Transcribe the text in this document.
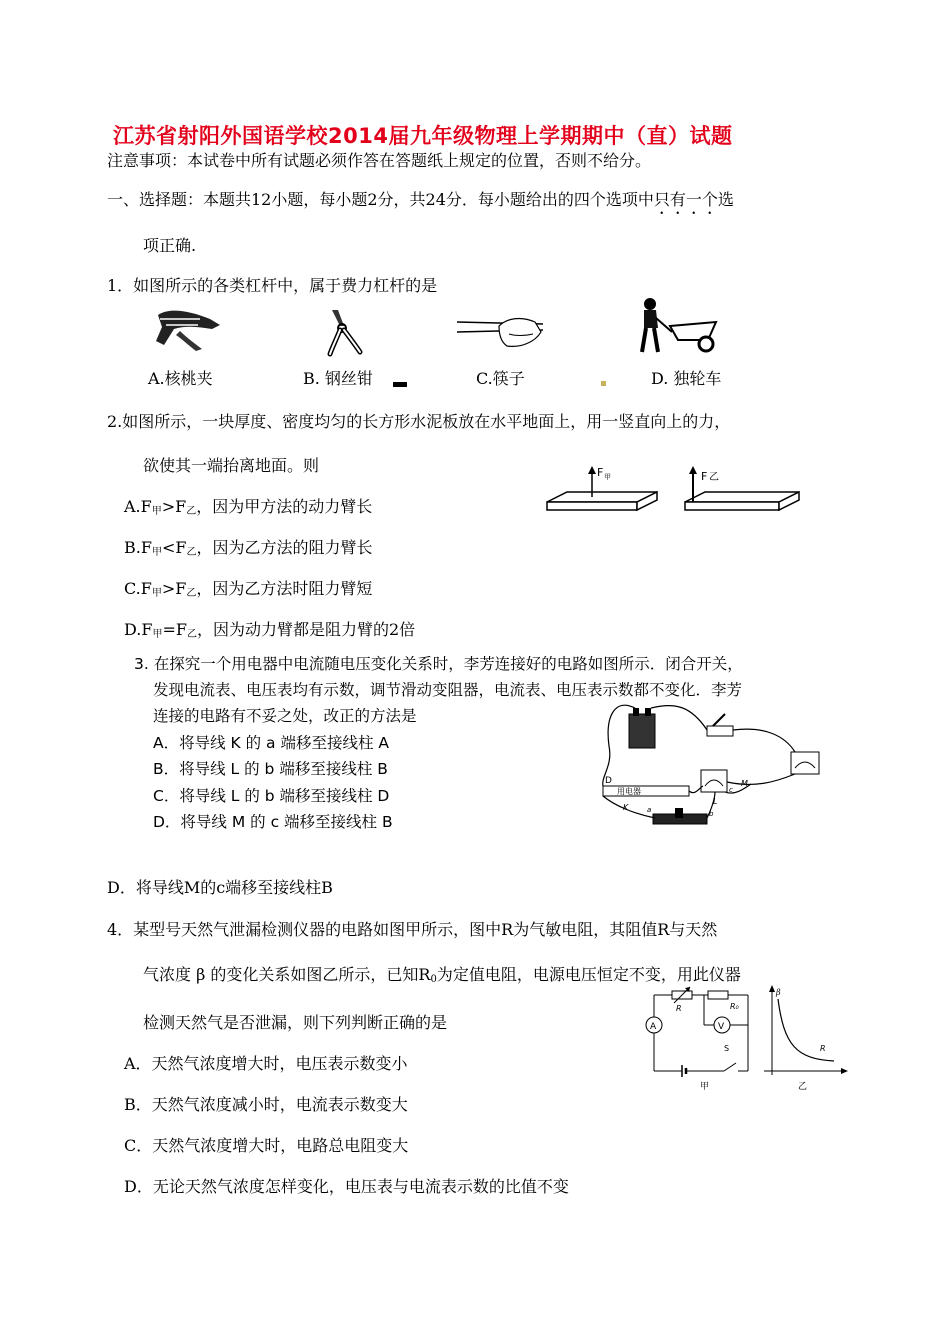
江苏省射阳外国语学校2014届九年级物理上学期期中（直）试题
注意事项：本试卷中所有试题必须作答在答题纸上规定的位置，否则不给分。
一、选择题：本题共12小题，每小题2分，共24分．每小题给出的四个选项中只有一个选
项正确.
1．如图所示的各类杠杆中，属于费力杠杆的是
A.核桃夹	B. 钢丝钳	C.筷子	D. 独轮车
2.如图所示，一块厚度、密度均匀的长方形水泥板放在水平地面上，用一竖直向上的力，
欲使其一端抬离地面。则
$A.F_甲>F_乙$，因为甲方法的动力臂长
$B.F_甲<F_乙$，因为乙方法的阻力臂长
$C.F_甲>F_乙$，因为乙方法时阻力臂短
$D.F_甲=F_乙$，因为动力臂都是阻力臂的2倍
F 甲	F 乙
3. 在探究一个用电器中电流随电压变化关系时，李芳连接好的电路如图所示．闭合开关，
发现电流表、电压表均有示数，调节滑动变阻器，电流表、电压表示数都不变化．李芳
连接的电路有不妥之处，改正的方法是
A．将导线 K 的 a 端移至接线柱 A
B．将导线 L 的 b 端移至接线柱 B
C．将导线 L 的 b 端移至接线柱 D
D．将导线 M 的 c 端移至接线柱 B
D
用电器
K
L
M
a	b
c
D．将导线M的c端移至接线柱B
4．某型号天然气泄漏检测仪器的电路如图甲所示，图中R为气敏电阻，其阻值R与天然
气浓度 β 的变化关系如图乙所示，已知$R_0$为定值电阻，电源电压恒定不变，用此仪器
检测天然气是否泄漏，则下列判断正确的是
A．天然气浓度增大时，电压表示数变小
B．天然气浓度减小时，电流表示数变大
C．天然气浓度增大时，电路总电阻变大
D．无论天然气浓度怎样变化，电压表与电流表示数的比值不变
R	R₀
V
A
S
甲
β
R
乙
